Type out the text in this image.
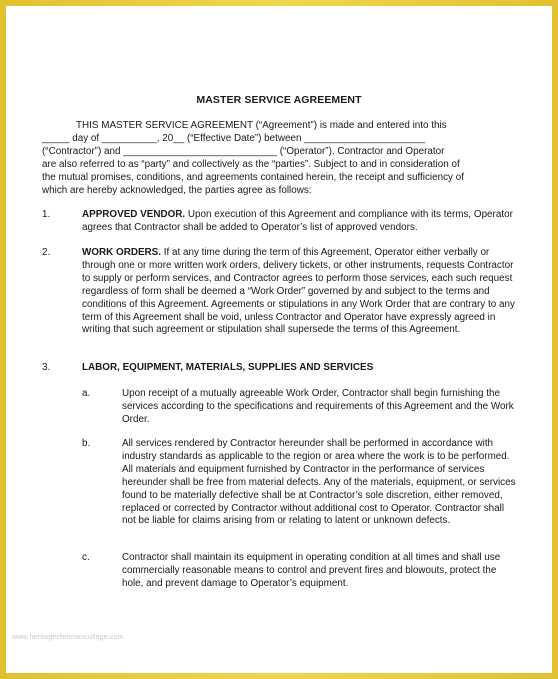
MASTER SERVICE AGREEMENT
THIS MASTER SERVICE AGREEMENT (“Agreement”) is made and entered into this
_____ day of __________, 20__ (“Effective Date”) between ______________________
(“Contractor”) and ____________________________ (“Operator”). Contractor and Operator
are also referred to as “party” and collectively as the “parties”. Subject to and in consideration of
the mutual promises, conditions, and agreements contained herein, the receipt and sufficiency of
which are hereby acknowledged, the parties agree as follows:
1.	APPROVED VENDOR. Upon execution of this Agreement and compliance with its terms, Operator agrees that Contractor shall be added to Operator’s list of approved vendors.

2.	WORK ORDERS. If at any time during the term of this Agreement, Operator either verbally or through one or more written work orders, delivery tickets, or other instruments, requests Contractor to supply or perform services, and Contractor agrees to perform those services, each such request regardless of form shall be deemed a “Work Order” governed by and subject to the terms and conditions of this Agreement. Agreements or stipulations in any Work Order that are contrary to any term of this Agreement shall be void, unless Contractor and Operator have expressly agreed in writing that such agreement or stipulation shall supersede the terms of this Agreement.

3.	LABOR, EQUIPMENT, MATERIALS, SUPPLIES AND SERVICES

a.	Upon receipt of a mutually agreeable Work Order, Contractor shall begin furnishing the services according to the specifications and requirements of this Agreement and the Work Order.

b.	All services rendered by Contractor hereunder shall be performed in accordance with industry standards as applicable to the region or area where the work is to be performed. All materials and equipment furnished by Contractor in the performance of services hereunder shall be free from material defects. Any of the materials, equipment, or services found to be materially defective shall be at Contractor’s sole discretion, either removed, replaced or corrected by Contractor without additional cost to Operator. Contractor shall not be liable for claims arising from or relating to latent or unknown defects.

c.	Contractor shall maintain its equipment in operating condition at all times and shall use commercially reasonable means to control and prevent fires and blowouts, protect the hole, and prevent damage to Operator’s equipment.

www.heritagechristiancollege.com
